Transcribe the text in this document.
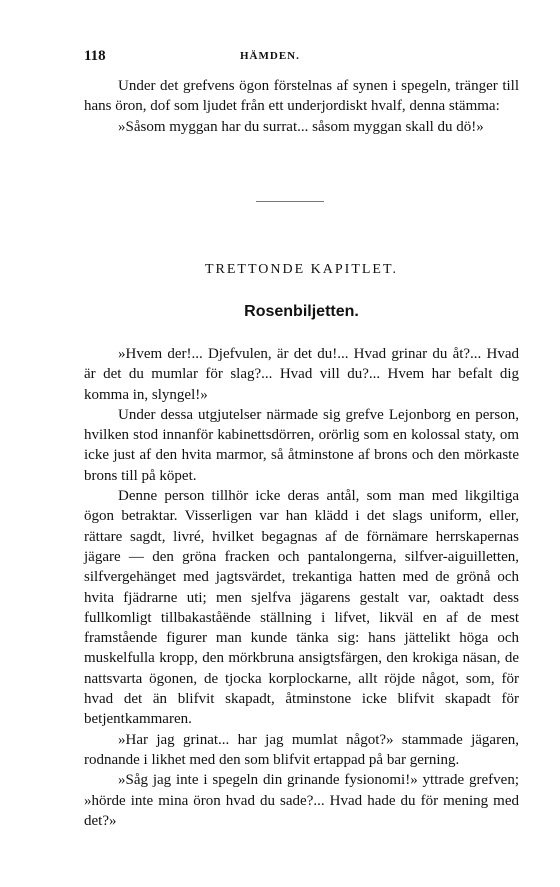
118	HÄMDEN.

Under det grefvens ögon förstelnas af synen i spegeln, tränger till hans öron, dof som ljudet från ett underjordiskt hvalf, denna stämma:

»Såsom myggan har du surrat... såsom myggan skall du dö!»

TRETTONDE KAPITLET.
Rosenbiljetten.

»Hvem der!... Djefvulen, är det du!... Hvad grinar du åt?... Hvad är det du mumlar för slag?... Hvad vill du?... Hvem har befalt dig komma in, slyngel!»

Under dessa utgjutelser närmade sig grefve Lejonborg en person, hvilken stod innanför kabinettsdörren, orörlig som en kolossal staty, om icke just af den hvita marmor, så åtminstone af brons och den mörkaste brons till på köpet.

Denne person tillhör icke deras antål, som man med likgiltiga ögon betraktar. Visserligen var han klädd i det slags uniform, eller, rättare sagdt, livré, hvilket begagnas af de förnämare herrskapernas jägare — den gröna fracken och pantalongerna, silfver-aiguilletten, silfvergehänget med jagtsvärdet, trekantiga hatten med de grönå och hvita fjädrarne uti; men sjelfva jägarens gestalt var, oaktadt dess fullkomligt tillbakaståënde ställning i lifvet, likväl en af de mest framstående figurer man kunde tänka sig: hans jättelikt höga och muskelfulla kropp, den mörkbruna ansigtsfärgen, den krokiga näsan, de nattsvarta ögonen, de tjocka korplockarne, allt röjde något, som, för hvad det än blifvit skapadt, åtminstone icke blifvit skapadt för betjentkammaren.

»Har jag grinat... har jag mumlat något?» stammade jägaren, rodnande i likhet med den som blifvit ertappad på bar gerning.

»Såg jag inte i spegeln din grinande fysionomi!» yttrade grefven; »hörde inte mina öron hvad du sade?... Hvad hade du för mening med det?»
